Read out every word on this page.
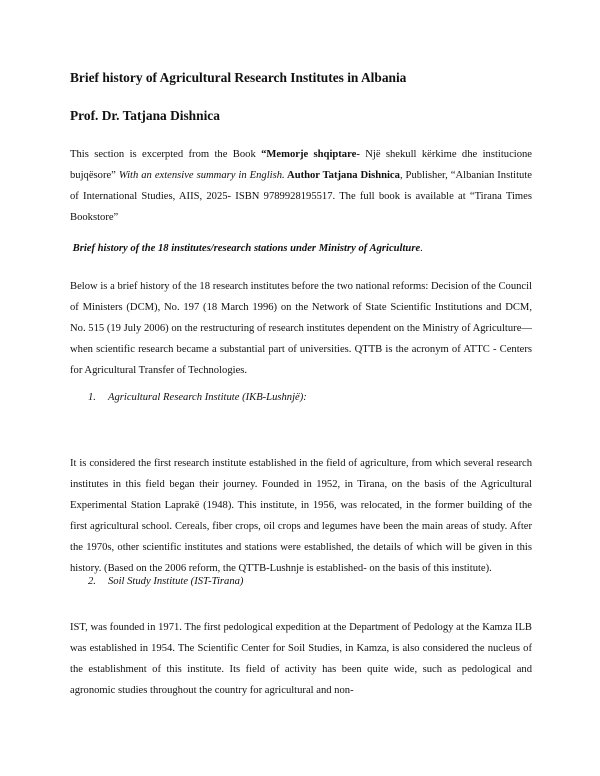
Brief history of Agricultural Research Institutes in Albania
Prof. Dr. Tatjana Dishnica

This section is excerpted from the Book “Memorje shqiptare- Një shekull kërkime dhe institucione bujqësore” With an extensive summary in English. Author Tatjana Dishnica, Publisher, “Albanian Institute of International Studies, AIIS, 2025- ISBN 9789928195517. The full book is available at “Tirana Times Bookstore”

Brief history of the 18 institutes/research stations under Ministry of Agriculture.

Below is a brief history of the 18 research institutes before the two national reforms: Decision of the Council of Ministers (DCM), No. 197 (18 March 1996) on the Network of State Scientific Institutions and DCM, No. 515 (19 July 2006) on the restructuring of research institutes dependent on the Ministry of Agriculture—when scientific research became a substantial part of universities. QTTB is the acronym of ATTC - Centers for Agricultural Transfer of Technologies.

1. Agricultural Research Institute (IKB-Lushnjë):

It is considered the first research institute established in the field of agriculture, from which several research institutes in this field began their journey. Founded in 1952, in Tirana, on the basis of the Agricultural Experimental Station Laprakë (1948). This institute, in 1956, was relocated, in the former building of the first agricultural school. Cereals, fiber crops, oil crops and legumes have been the main areas of study. After the 1970s, other scientific institutes and stations were established, the details of which will be given in this history. (Based on the 2006 reform, the QTTB-Lushnje is established- on the basis of this institute).

2. Soil Study Institute (IST-Tirana)

IST, was founded in 1971. The first pedological expedition at the Department of Pedology at the Kamza ILB was established in 1954. The Scientific Center for Soil Studies, in Kamza, is also considered the nucleus of the establishment of this institute. Its field of activity has been quite wide, such as pedological and agronomic studies throughout the country for agricultural and non-
